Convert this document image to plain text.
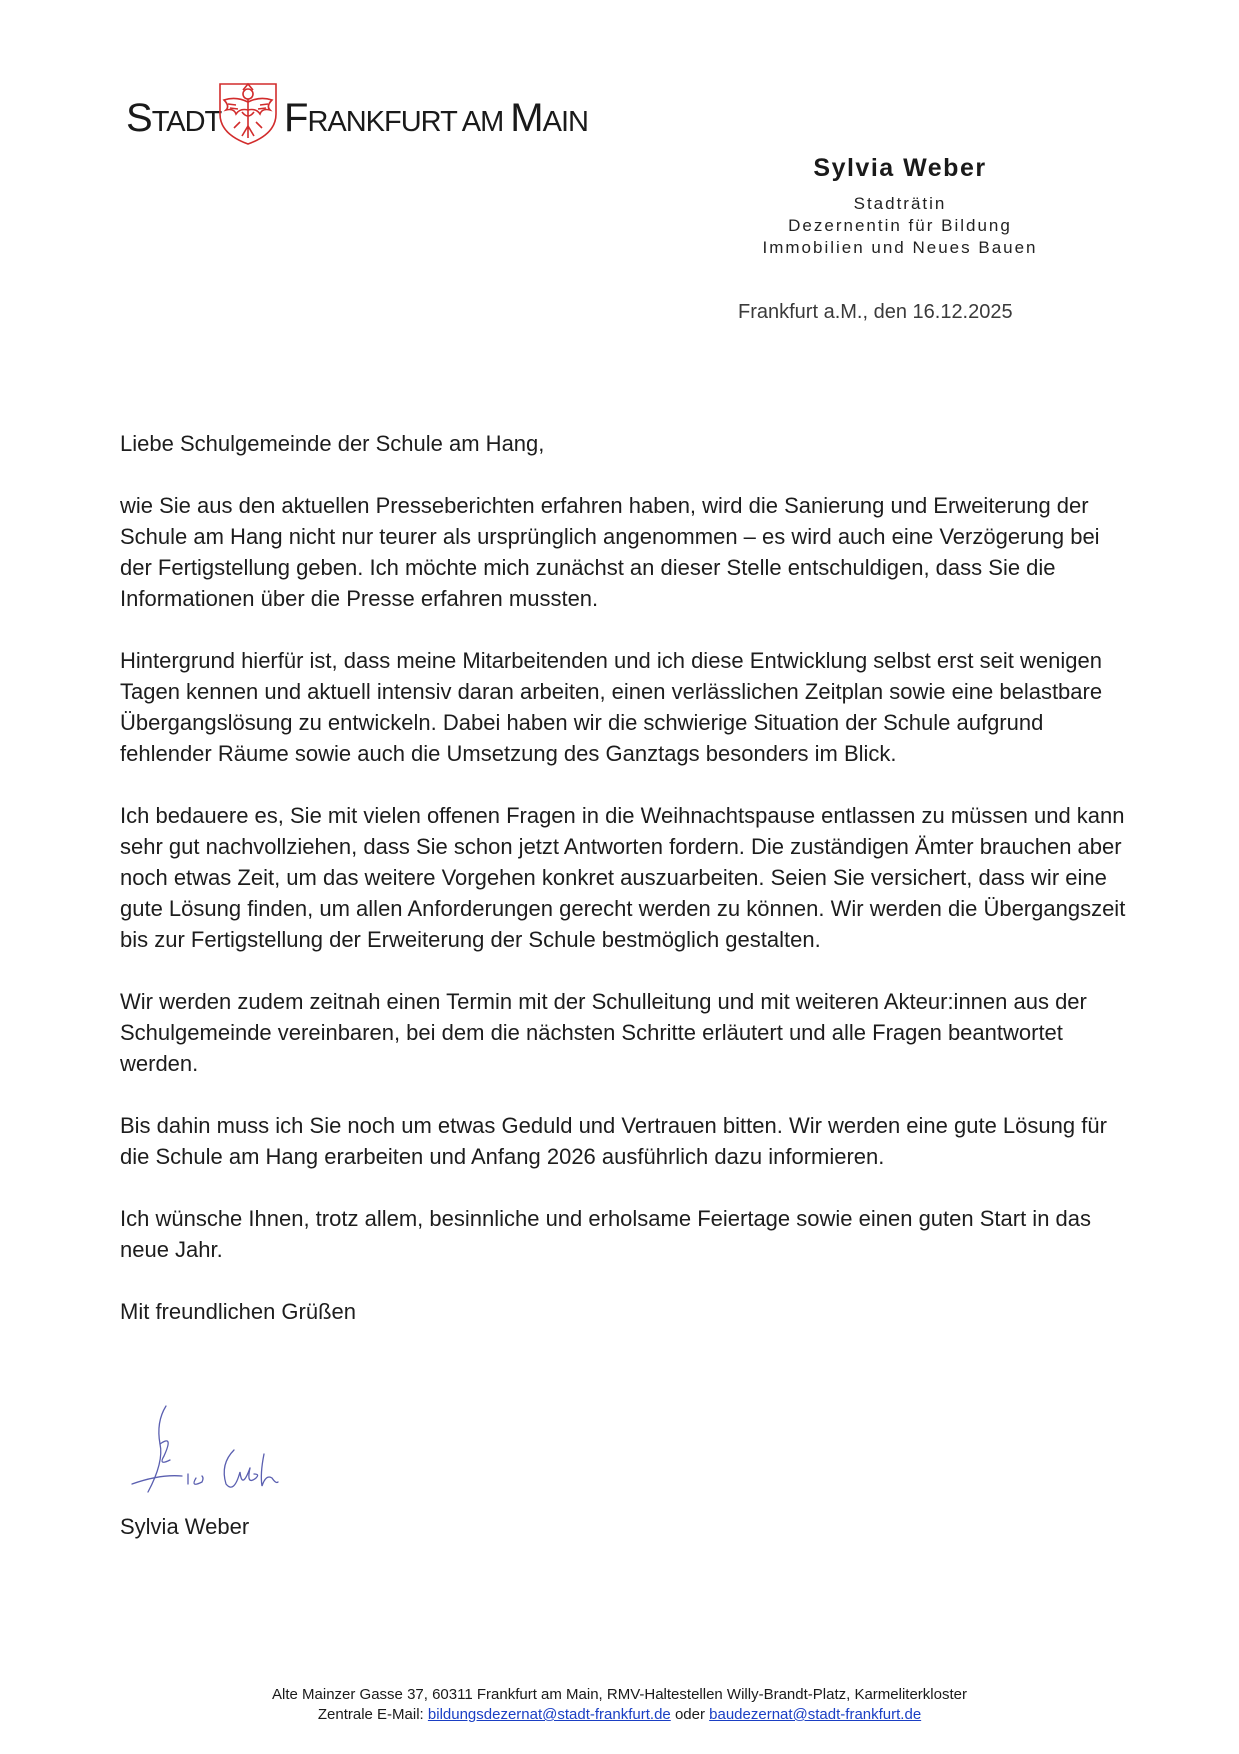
STADT FRANKFURT AM MAIN
Sylvia Weber
Stadträtin
Dezernentin für Bildung
Immobilien und Neues Bauen
Frankfurt a.M., den 16.12.2025

Liebe Schulgemeinde der Schule am Hang,

wie Sie aus den aktuellen Presseberichten erfahren haben, wird die Sanierung und Erweiterung der Schule am Hang nicht nur teurer als ursprünglich angenommen – es wird auch eine Verzögerung bei der Fertigstellung geben. Ich möchte mich zunächst an dieser Stelle entschuldigen, dass Sie die Informationen über die Presse erfahren mussten.

Hintergrund hierfür ist, dass meine Mitarbeitenden und ich diese Entwicklung selbst erst seit wenigen Tagen kennen und aktuell intensiv daran arbeiten, einen verlässlichen Zeitplan sowie eine belastbare Übergangslösung zu entwickeln. Dabei haben wir die schwierige Situation der Schule aufgrund fehlender Räume sowie auch die Umsetzung des Ganztags besonders im Blick.

Ich bedauere es, Sie mit vielen offenen Fragen in die Weihnachtspause entlassen zu müssen und kann sehr gut nachvollziehen, dass Sie schon jetzt Antworten fordern. Die zuständigen Ämter brauchen aber noch etwas Zeit, um das weitere Vorgehen konkret auszuarbeiten. Seien Sie versichert, dass wir eine gute Lösung finden, um allen Anforderungen gerecht werden zu können. Wir werden die Übergangszeit bis zur Fertigstellung der Erweiterung der Schule bestmöglich gestalten.

Wir werden zudem zeitnah einen Termin mit der Schulleitung und mit weiteren Akteur:innen aus der Schulgemeinde vereinbaren, bei dem die nächsten Schritte erläutert und alle Fragen beantwortet werden.

Bis dahin muss ich Sie noch um etwas Geduld und Vertrauen bitten. Wir werden eine gute Lösung für die Schule am Hang erarbeiten und Anfang 2026 ausführlich dazu informieren.

Ich wünsche Ihnen, trotz allem, besinnliche und erholsame Feiertage sowie einen guten Start in das neue Jahr.

Mit freundlichen Grüßen

Sylvia Weber
Alte Mainzer Gasse 37, 60311 Frankfurt am Main, RMV-Haltestellen Willy-Brandt-Platz, Karmeliterkloster
Zentrale E-Mail: bildungsdezernat@stadt-frankfurt.de oder baudezernat@stadt-frankfurt.de
